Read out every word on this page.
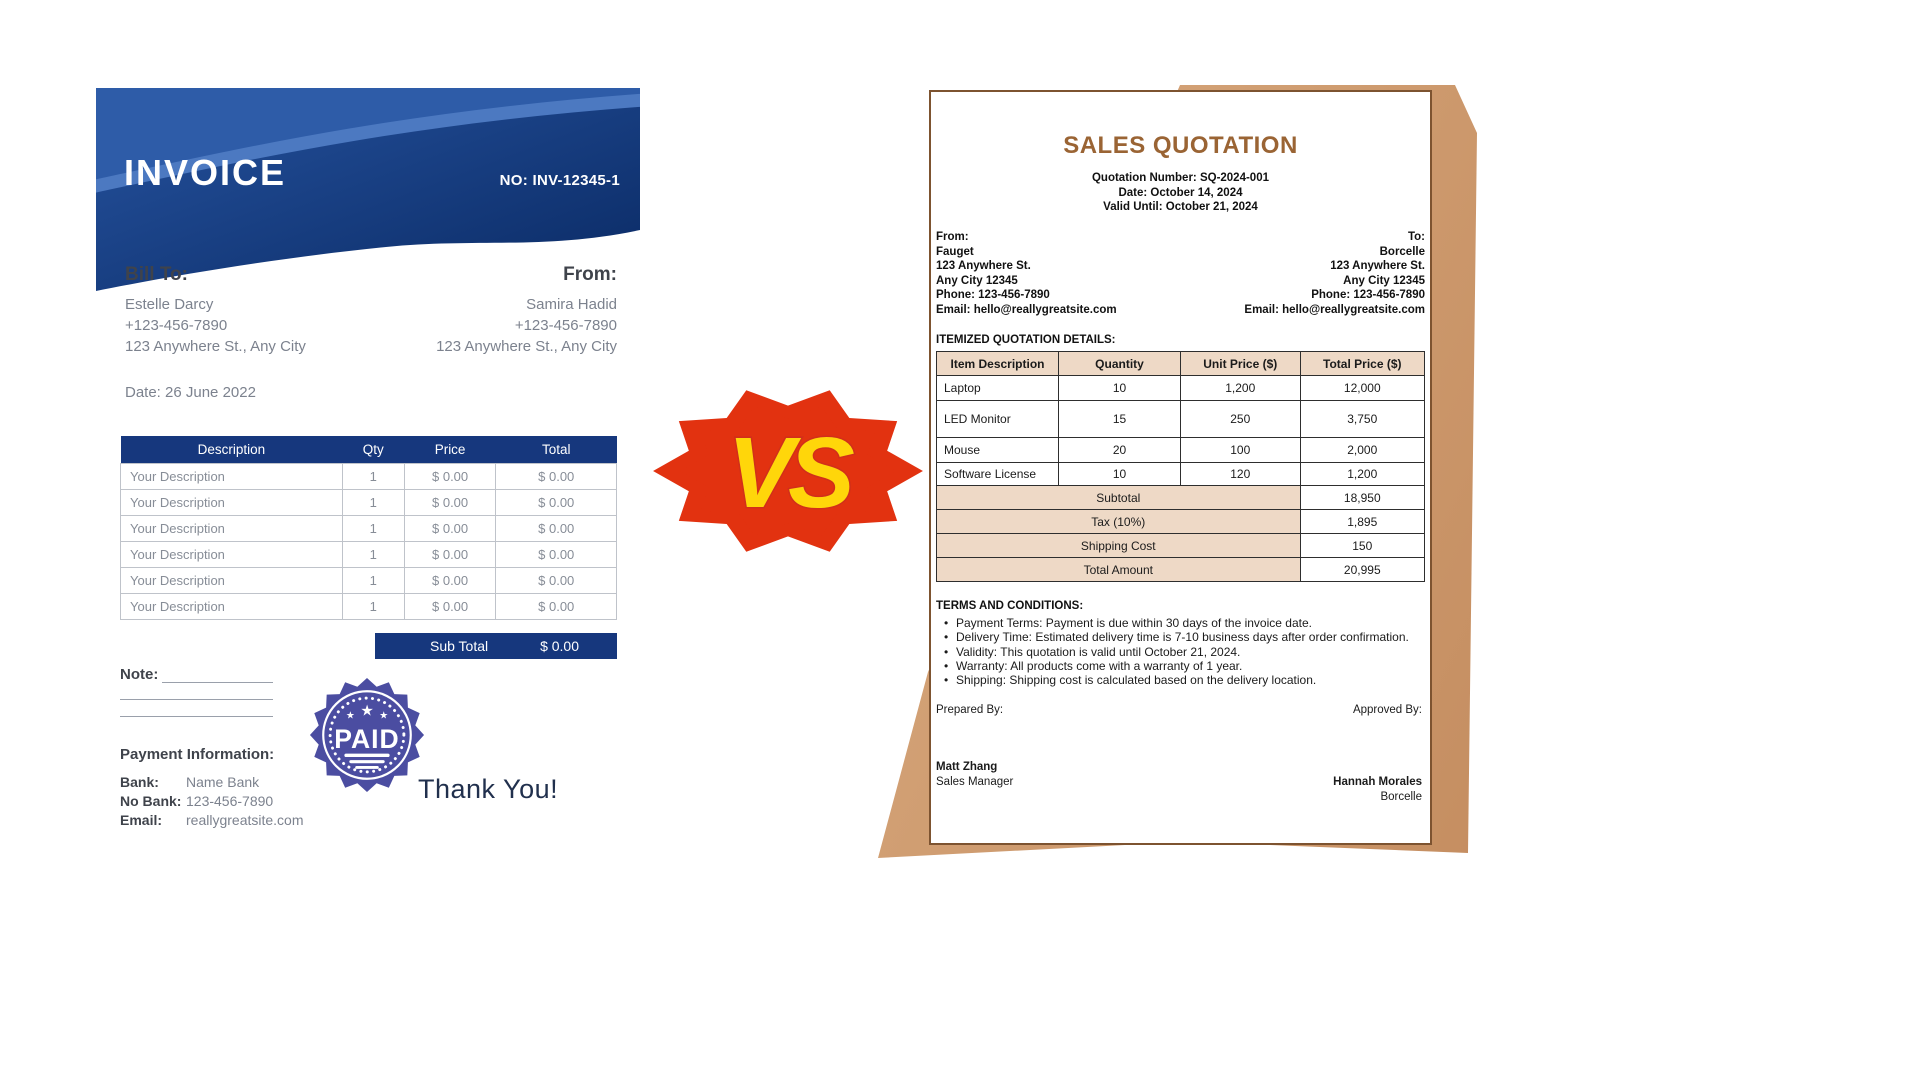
INVOICE	NO: INV-12345-1
Bill To:
Estelle Darcy
+123-456-7890
123 Anywhere St., Any City
From:
Samira Hadid
+123-456-7890
123 Anywhere St., Any City
Date: 26 June 2022
Description	Qty	Price	Total
Your Description	1	$ 0.00	$ 0.00
Your Description	1	$ 0.00	$ 0.00
Your Description	1	$ 0.00	$ 0.00
Your Description	1	$ 0.00	$ 0.00
Your Description	1	$ 0.00	$ 0.00
Your Description	1	$ 0.00	$ 0.00
Sub Total	$ 0.00
Note:
Payment Information:
Bank:	Name Bank
No Bank: 123-456-7890
Email:	reallygreatsite.com
★
★ ★
PAID
Thank You!
VS
SALES QUOTATION
Quotation Number: SQ-2024-001
Date: October 14, 2024
Valid Until: October 21, 2024
From:
Fauget
123 Anywhere St.
Any City 12345
Phone: 123-456-7890
Email: hello@reallygreatsite.com
To:
Borcelle
123 Anywhere St.
Any City 12345
Phone: 123-456-7890
Email: hello@reallygreatsite.com
ITEMIZED QUOTATION DETAILS:
Item Description	Quantity	Unit Price ($)	Total Price ($)
Laptop	10	1,200	12,000
LED Monitor	15	250	3,750
Mouse	20	100	2,000
Software License	10	120	1,200
Subtotal			18,950
Tax (10%)			1,895
Shipping Cost			150
Total Amount			20,995
TERMS AND CONDITIONS:
• Payment Terms: Payment is due within 30 days of the invoice date.
• Delivery Time: Estimated delivery time is 7-10 business days after order confirmation.
• Validity: This quotation is valid until October 21, 2024.
• Warranty: All products come with a warranty of 1 year.
• Shipping: Shipping cost is calculated based on the delivery location.
Prepared By:	Approved By:
Matt Zhang
Sales Manager	Hannah Morales
Borcelle
